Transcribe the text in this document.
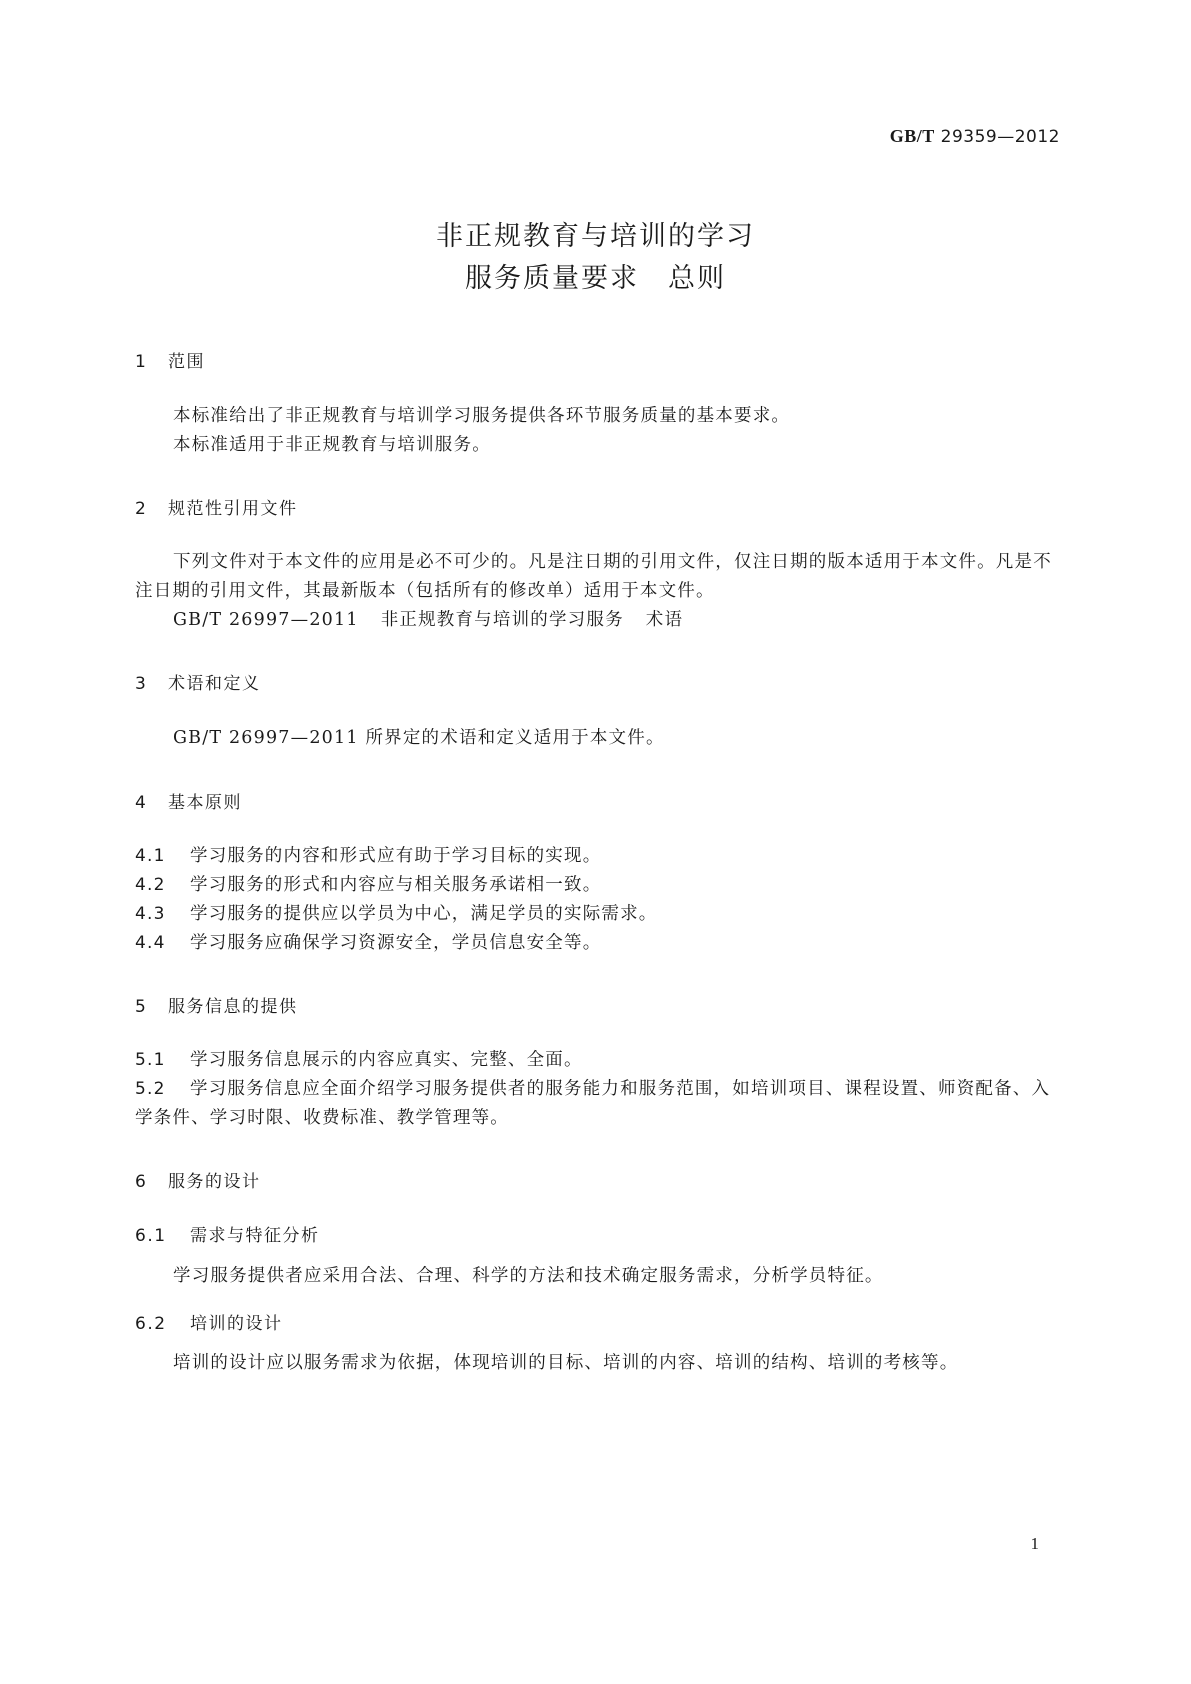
GB/T 29359—2012
非正规教育与培训的学习
服务质量要求　总则
1 范围
本标准给出了非正规教育与培训学习服务提供各环节服务质量的基本要求。
本标准适用于非正规教育与培训服务。
2 规范性引用文件
下列文件对于本文件的应用是必不可少的。凡是注日期的引用文件，仅注日期的版本适用于本文件。凡是不注日期的引用文件，其最新版本（包括所有的修改单）适用于本文件。
GB/T 26997—2011 非正规教育与培训的学习服务 术语
3 术语和定义
GB/T 26997—2011 所界定的术语和定义适用于本文件。
4 基本原则
4.1 学习服务的内容和形式应有助于学习目标的实现。
4.2 学习服务的形式和内容应与相关服务承诺相一致。
4.3 学习服务的提供应以学员为中心，满足学员的实际需求。
4.4 学习服务应确保学习资源安全，学员信息安全等。
5 服务信息的提供
5.1 学习服务信息展示的内容应真实、完整、全面。
5.2 学习服务信息应全面介绍学习服务提供者的服务能力和服务范围，如培训项目、课程设置、师资配备、入学条件、学习时限、收费标准、教学管理等。
6 服务的设计
6.1 需求与特征分析
学习服务提供者应采用合法、合理、科学的方法和技术确定服务需求，分析学员特征。
6.2 培训的设计
培训的设计应以服务需求为依据，体现培训的目标、培训的内容、培训的结构、培训的考核等。
1
